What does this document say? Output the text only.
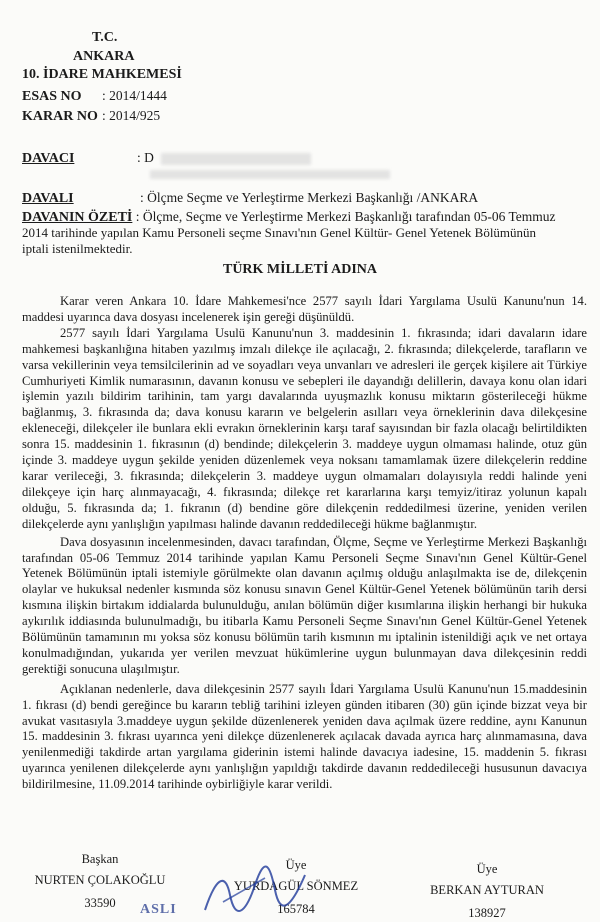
T.C.
ANKARA
10. İDARE MAHKEMESİ
ESAS NO : 2014/1444
KARAR NO : 2014/925
DAVACI	: D
DAVALI	: Ölçme Seçme ve Yerleştirme Merkezi Başkanlığı /ANKARA
DAVANIN ÖZETİ : Ölçme, Seçme ve Yerleştirme Merkezi Başkanlığı tarafından 05-06 Temmuz
2014 tarihinde yapılan Kamu Personeli seçme Sınavı'nın Genel Kültür- Genel Yetenek Bölümünün
iptali istenilmektedir.
TÜRK MİLLETİ ADINA

Karar veren Ankara 10. İdare Mahkemesi'nce 2577 sayılı İdari Yargılama Usulü Kanunu'nun 14. maddesi uyarınca dava dosyası incelenerek işin gereği düşünüldü.

2577 sayılı İdari Yargılama Usulü Kanunu'nun 3. maddesinin 1. fıkrasında; idari davaların idare mahkemesi başkanlığına hitaben yazılmış imzalı dilekçe ile açılacağı, 2. fıkrasında; dilekçelerde, tarafların ve varsa vekillerinin veya temsilcilerinin ad ve soyadları veya unvanları ve adresleri ile gerçek kişilere ait Türkiye Cumhuriyeti Kimlik numarasının, davanın konusu ve sebepleri ile dayandığı delillerin, davaya konu olan idari işlemin yazılı bildirim tarihinin, tam yargı davalarında uyuşmazlık konusu miktarın gösterileceği hükme bağlanmış, 3. fıkrasında da; dava konusu kararın ve belgelerin asılları veya örneklerinin dava dilekçesine ekleneceği, dilekçeler ile bunlara ekli evrakın örneklerinin karşı taraf sayısından bir fazla olacağı belirtildikten sonra 15. maddesinin 1. fıkrasının (d) bendinde; dilekçelerin 3. maddeye uygun olmaması halinde, otuz gün içinde 3. maddeye uygun şekilde yeniden düzenlemek veya noksanı tamamlamak üzere dilekçelerin reddine karar verileceği, 3. fıkrasında; dilekçelerin 3. maddeye uygun olmamaları dolayısıyla reddi halinde yeni dilekçeye için harç alınmayacağı, 4. fıkrasında; dilekçe ret kararlarına karşı temyiz/itiraz yolunun kapalı olduğu, 5. fıkrasında da; 1. fıkranın (d) bendine göre dilekçenin reddedilmesi üzerine, yeniden verilen dilekçelerde aynı yanlışlığın yapılması halinde davanın reddedileceği hükme bağlanmıştır.

Dava dosyasının incelenmesinden, davacı tarafından, Ölçme, Seçme ve Yerleştirme Merkezi Başkanlığı tarafından 05-06 Temmuz 2014 tarihinde yapılan Kamu Personeli Seçme Sınavı'nın Genel Kültür-Genel Yetenek Bölümünün iptali istemiyle görülmekte olan davanın açılmış olduğu anlaşılmakta ise de, dilekçenin olaylar ve hukuksal nedenler kısmında söz konusu sınavın Genel Kültür-Genel Yetenek bölümünün tarih dersi kısmına ilişkin birtakım iddialarda bulunulduğu, anılan bölümün diğer kısımlarına ilişkin herhangi bir hukuka aykırılık iddiasında bulunulmadığı, bu itibarla Kamu Personeli Seçme Sınavı'nın Genel Kültür-Genel Yetenek Bölümünün tamamının mı yoksa söz konusu bölümün tarih kısmının mı iptalinin istenildiği açık ve net ortaya konulmadığından, yukarıda yer verilen mevzuat hükümlerine uygun bulunmayan dava dilekçesinin reddi gerektiği sonucuna ulaşılmıştır.

Açıklanan nedenlerle, dava dilekçesinin 2577 sayılı İdari Yargılama Usulü Kanunu'nun 15.maddesinin 1. fıkrası (d) bendi gereğince bu kararın tebliğ tarihini izleyen günden itibaren (30) gün içinde bizzat veya bir avukat vasıtasıyla 3.maddeye uygun şekilde düzenlenerek yeniden dava açılmak üzere reddine, aynı Kanunun 15. maddesinin 3. fıkrası uyarınca yeni dilekçe düzenlenerek açılacak davada ayrıca harç alınmamasına, dava yenilenmediği takdirde artan yargılama giderinin istemi halinde davacıya iadesine, 15. maddenin 5. fıkrası uyarınca yenilenen dilekçelerde aynı yanlışlığın yapıldığı takdirde davanın reddedileceği hususunun davacıya bildirilmesine, 11.09.2014 tarihinde oybirliğiyle karar verildi.

Başkan
NURTEN ÇOLAKOĞLU
33590
Üye
YURDAGÜL SÖNMEZ
165784
Üye
BERKAN AYTURAN
138927
ASLI
